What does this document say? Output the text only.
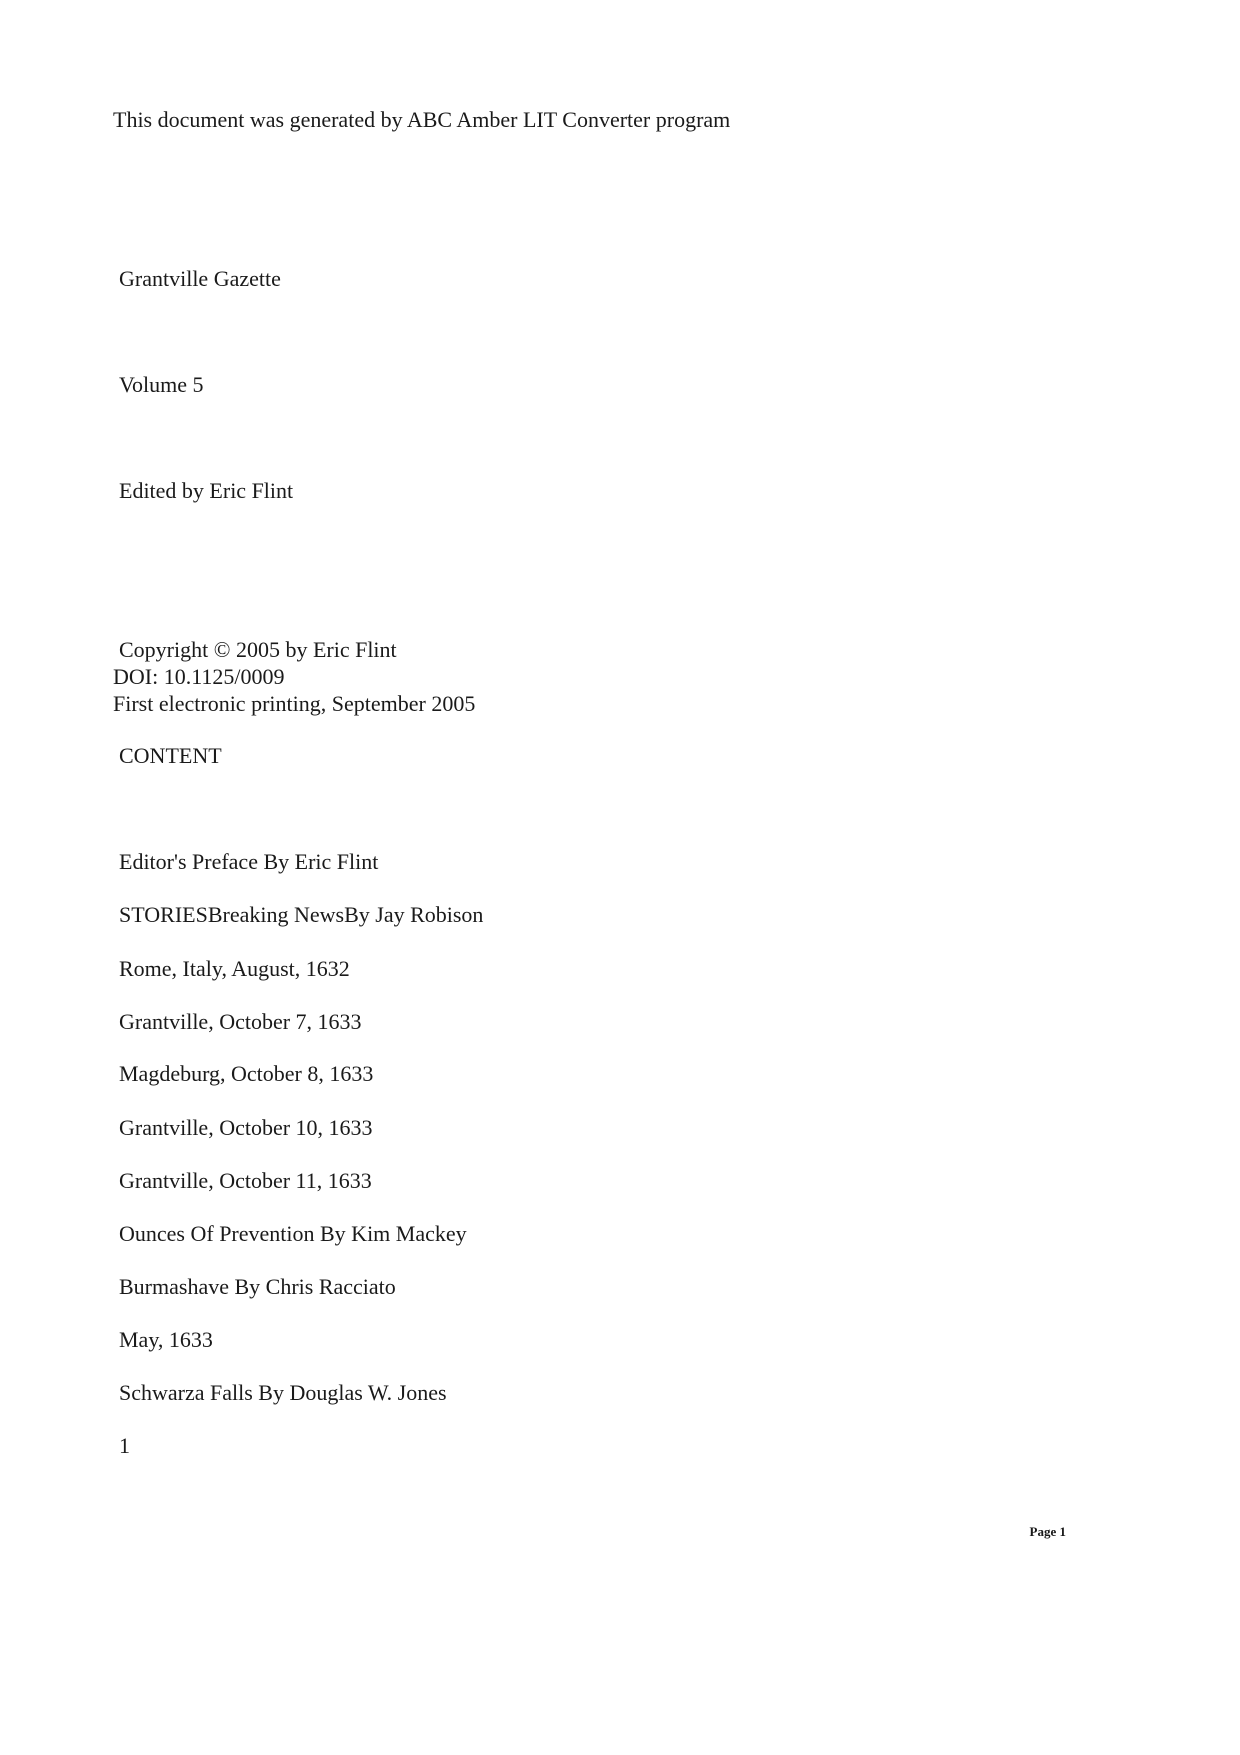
This document was generated by ABC Amber LIT Converter program
Grantville Gazette
Volume 5
Edited by Eric Flint
Copyright © 2005 by Eric Flint
DOI: 10.1125/0009
First electronic printing, September 2005
CONTENT
Editor's Preface By Eric Flint
STORIESBreaking NewsBy Jay Robison
Rome, Italy, August, 1632
Grantville, October 7, 1633
Magdeburg, October 8, 1633
Grantville, October 10, 1633
Grantville, October 11, 1633
Ounces Of Prevention By Kim Mackey
Burmashave By Chris Racciato
May, 1633
Schwarza Falls By Douglas W. Jones
1
Page 1
